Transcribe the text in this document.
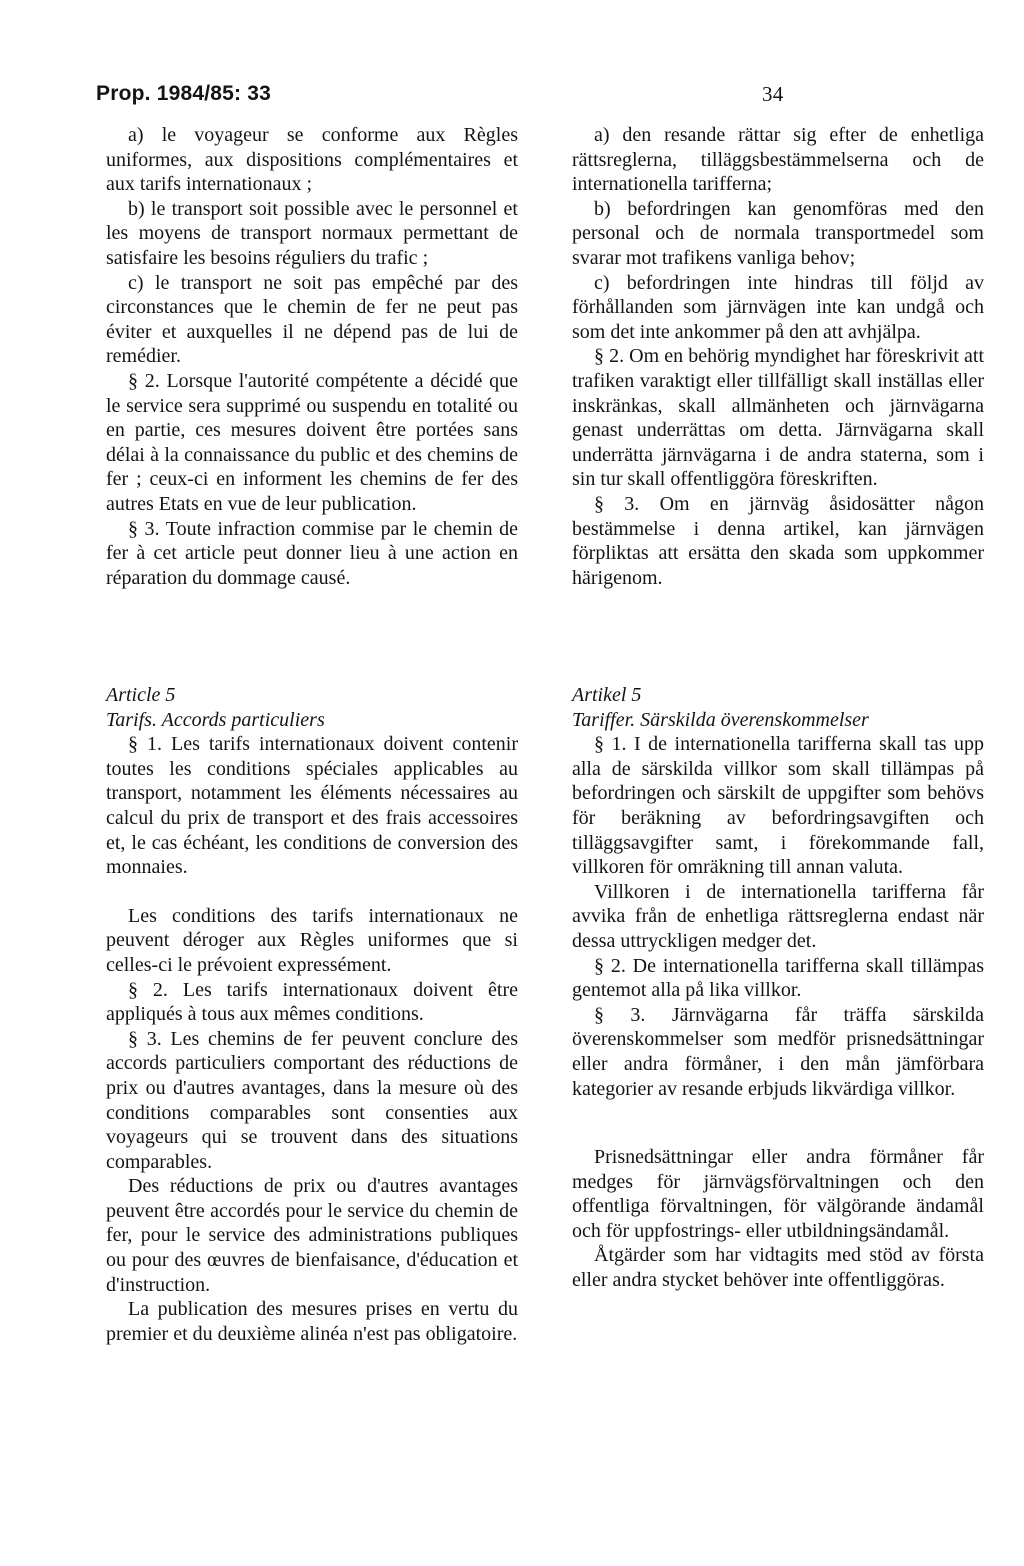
Prop. 1984/85: 33	34

a) le voyageur se conforme aux Règles uniformes, aux dispositions complémentaires et aux tarifs internationaux ;

b) le transport soit possible avec le personnel et les moyens de transport normaux permettant de satisfaire les besoins réguliers du trafic ;

c) le transport ne soit pas empêché par des circonstances que le chemin de fer ne peut pas éviter et auxquelles il ne dépend pas de lui de remédier.

§ 2. Lorsque l'autorité compétente a décidé que le service sera supprimé ou suspendu en totalité ou en partie, ces mesures doivent être portées sans délai à la connaissance du public et des chemins de fer ; ceux-ci en informent les chemins de fer des autres Etats en vue de leur publication.

§ 3. Toute infraction commise par le chemin de fer à cet article peut donner lieu à une action en réparation du dommage causé.

a) den resande rättar sig efter de enhetliga rättsreglerna, tilläggsbestämmelserna och de internationella tarifferna;

b) befordringen kan genomföras med den personal och de normala transportmedel som svarar mot trafikens vanliga behov;

c) befordringen inte hindras till följd av förhållanden som järnvägen inte kan undgå och som det inte ankommer på den att avhjälpa.

§ 2. Om en behörig myndighet har föreskrivit att trafiken varaktigt eller tillfälligt skall inställas eller inskränkas, skall allmänheten och järnvägarna genast underrättas om detta. Järnvägarna skall underrätta järnvägarna i de andra staterna, som i sin tur skall offentliggöra föreskriften.

§ 3. Om en järnväg åsidosätter någon bestämmelse i denna artikel, kan järnvägen förpliktas att ersätta den skada som uppkommer härigenom.

Article 5

Tarifs. Accords particuliers

§ 1. Les tarifs internationaux doivent contenir toutes les conditions spéciales applicables au transport, notamment les éléments nécessaires au calcul du prix de transport et des frais accessoires et, le cas échéant, les conditions de conversion des monnaies.

Les conditions des tarifs internationaux ne peuvent déroger aux Règles uniformes que si celles-ci le prévoient expressément.

§ 2. Les tarifs internationaux doivent être appliqués à tous aux mêmes conditions.

§ 3. Les chemins de fer peuvent conclure des accords particuliers comportant des réductions de prix ou d'autres avantages, dans la mesure où des conditions comparables sont consenties aux voyageurs qui se trouvent dans des situations comparables.

Des réductions de prix ou d'autres avantages peuvent être accordés pour le service du chemin de fer, pour le service des administrations publiques ou pour des œuvres de bienfaisance, d'éducation et d'instruction.

La publication des mesures prises en vertu du premier et du deuxième alinéa n'est pas obligatoire.

Artikel 5

Tariffer. Särskilda överenskommelser

§ 1. I de internationella tarifferna skall tas upp alla de särskilda villkor som skall tillämpas på befordringen och särskilt de uppgifter som behövs för beräkning av befordringsavgiften och tilläggsavgifter samt, i förekommande fall, villkoren för omräkning till annan valuta.

Villkoren i de internationella tarifferna får avvika från de enhetliga rättsreglerna endast när dessa uttryckligen medger det.

§ 2. De internationella tarifferna skall tillämpas gentemot alla på lika villkor.

§ 3. Järnvägarna får träffa särskilda överenskommelser som medför prisnedsättningar eller andra förmåner, i den mån jämförbara kategorier av resande erbjuds likvärdiga villkor.

Prisnedsättningar eller andra förmåner får medges för järnvägsförvaltningen och den offentliga förvaltningen, för välgörande ändamål och för uppfostrings- eller utbildningsändamål.

Åtgärder som har vidtagits med stöd av första eller andra stycket behöver inte offentliggöras.
